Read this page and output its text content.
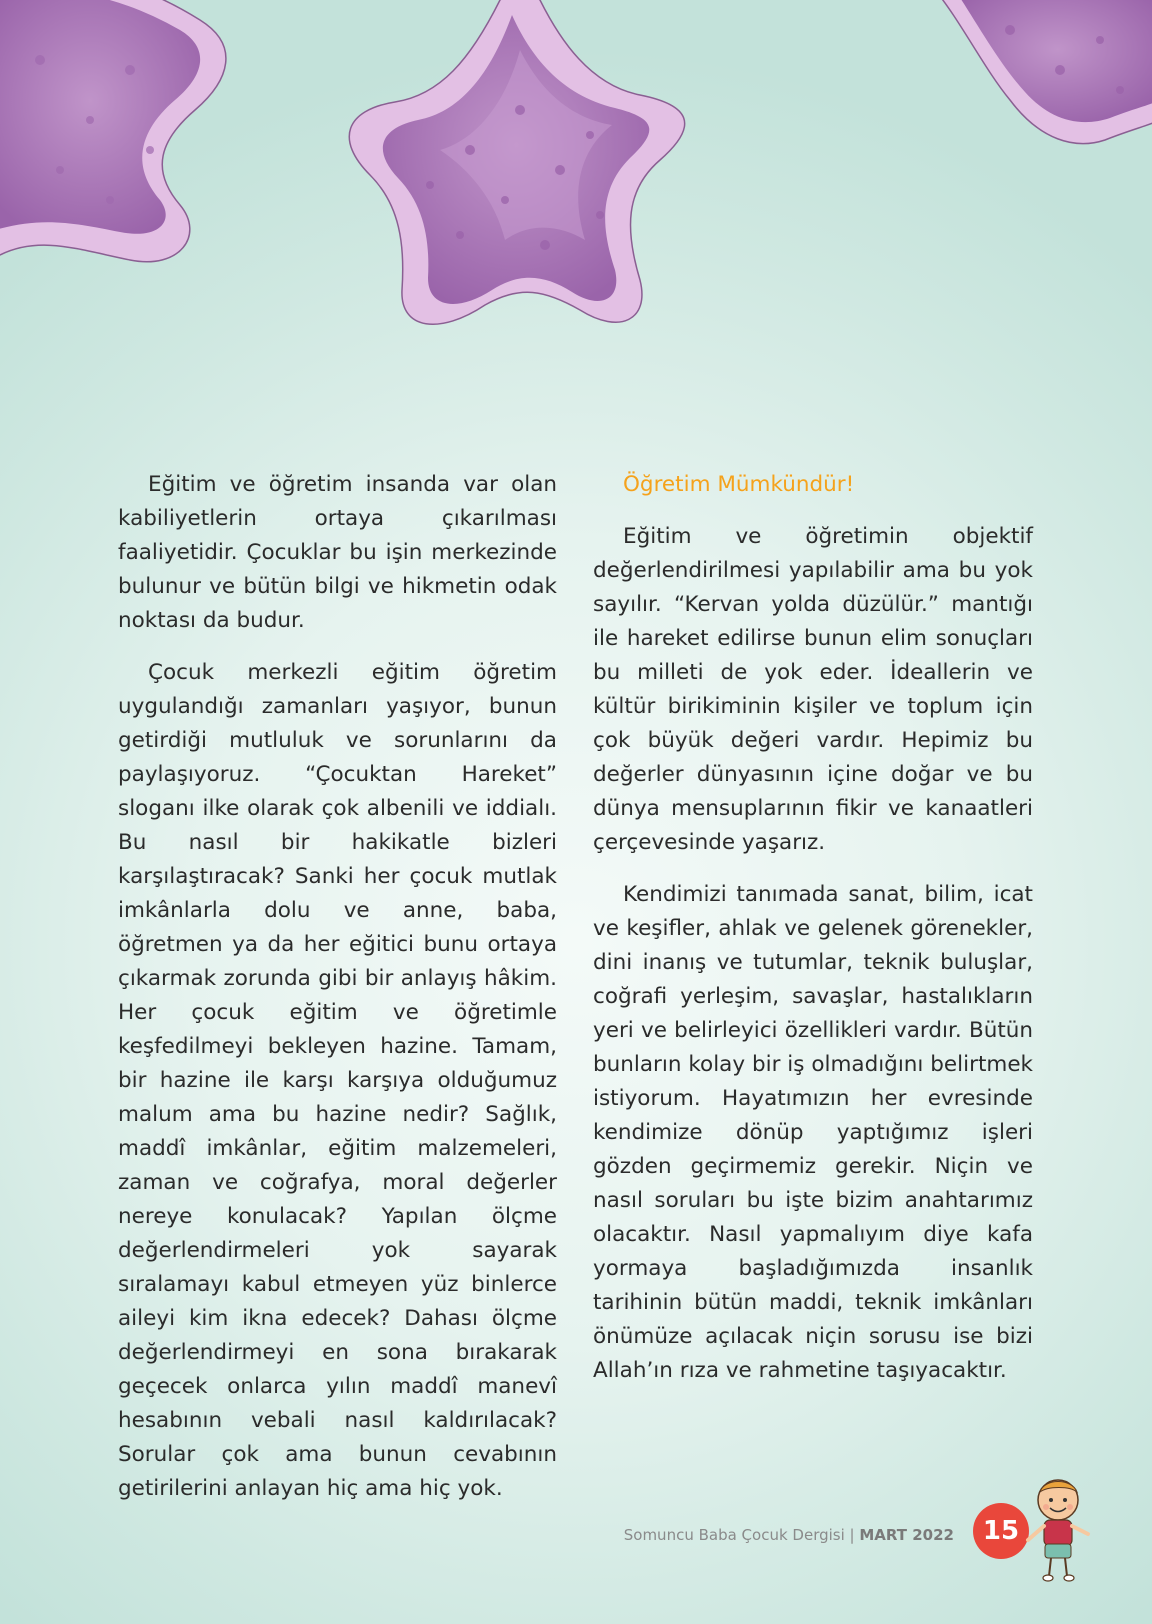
Eğitim ve öğretim insanda var olan kabiliyetlerin ortaya çıkarılması faaliyetidir. Çocuklar bu işin merkezinde bulunur ve bütün bilgi ve hikmetin odak noktası da budur.

Çocuk merkezli eğitim öğretim uygulandığı zamanları yaşıyor, bunun getirdiği mutluluk ve sorunlarını da paylaşıyoruz. “Çocuktan Hareket” sloganı ilke olarak çok albenili ve iddialı. Bu nasıl bir hakikatle bizleri karşılaştıracak? Sanki her çocuk mutlak imkânlarla dolu ve anne, baba, öğretmen ya da her eğitici bunu ortaya çıkarmak zorunda gibi bir anlayış hâkim. Her çocuk eğitim ve öğretimle keşfedilmeyi bekleyen hazine. Tamam, bir hazine ile karşı karşıya olduğumuz malum ama bu hazine nedir? Sağlık, maddî imkânlar, eğitim malzemeleri, zaman ve coğrafya, moral değerler nereye konulacak? Yapılan ölçme değerlendirmeleri yok sayarak sıralamayı kabul etmeyen yüz binlerce aileyi kim ikna edecek? Dahası ölçme değerlendirmeyi en sona bırakarak geçecek onlarca yılın maddî manevî hesabının vebali nasıl kaldırılacak? Sorular çok ama bunun cevabının getirilerini anlayan hiç ama hiç yok.

Öğretim Mümkündür!

Eğitim ve öğretimin objektif değerlendirilmesi yapılabilir ama bu yok sayılır. “Kervan yolda düzülür.” mantığı ile hareket edilirse bunun elim sonuçları bu milleti de yok eder. İdeallerin ve kültür birikiminin kişiler ve toplum için çok büyük değeri vardır. Hepimiz bu değerler dünyasının içine doğar ve bu dünya mensuplarının fikir ve kanaatleri çerçevesinde yaşarız.

Kendimizi tanımada sanat, bilim, icat ve keşifler, ahlak ve gelenek görenekler, dini inanış ve tutumlar, teknik buluşlar, coğrafi yerleşim, savaşlar, hastalıkların yeri ve belirleyici özellikleri vardır. Bütün bunların kolay bir iş olmadığını belirtmek istiyorum. Hayatımızın her evresinde kendimize dönüp yaptığımız işleri gözden geçirmemiz gerekir. Niçin ve nasıl soruları bu işte bizim anahtarımız olacaktır. Nasıl yapmalıyım diye kafa yormaya başladığımızda insanlık tarihinin bütün maddi, teknik imkânları önümüze açılacak niçin sorusu ise bizi Allah’ın rıza ve rahmetine taşıyacaktır.

Somuncu Baba Çocuk Dergisi | MART 2022	15
